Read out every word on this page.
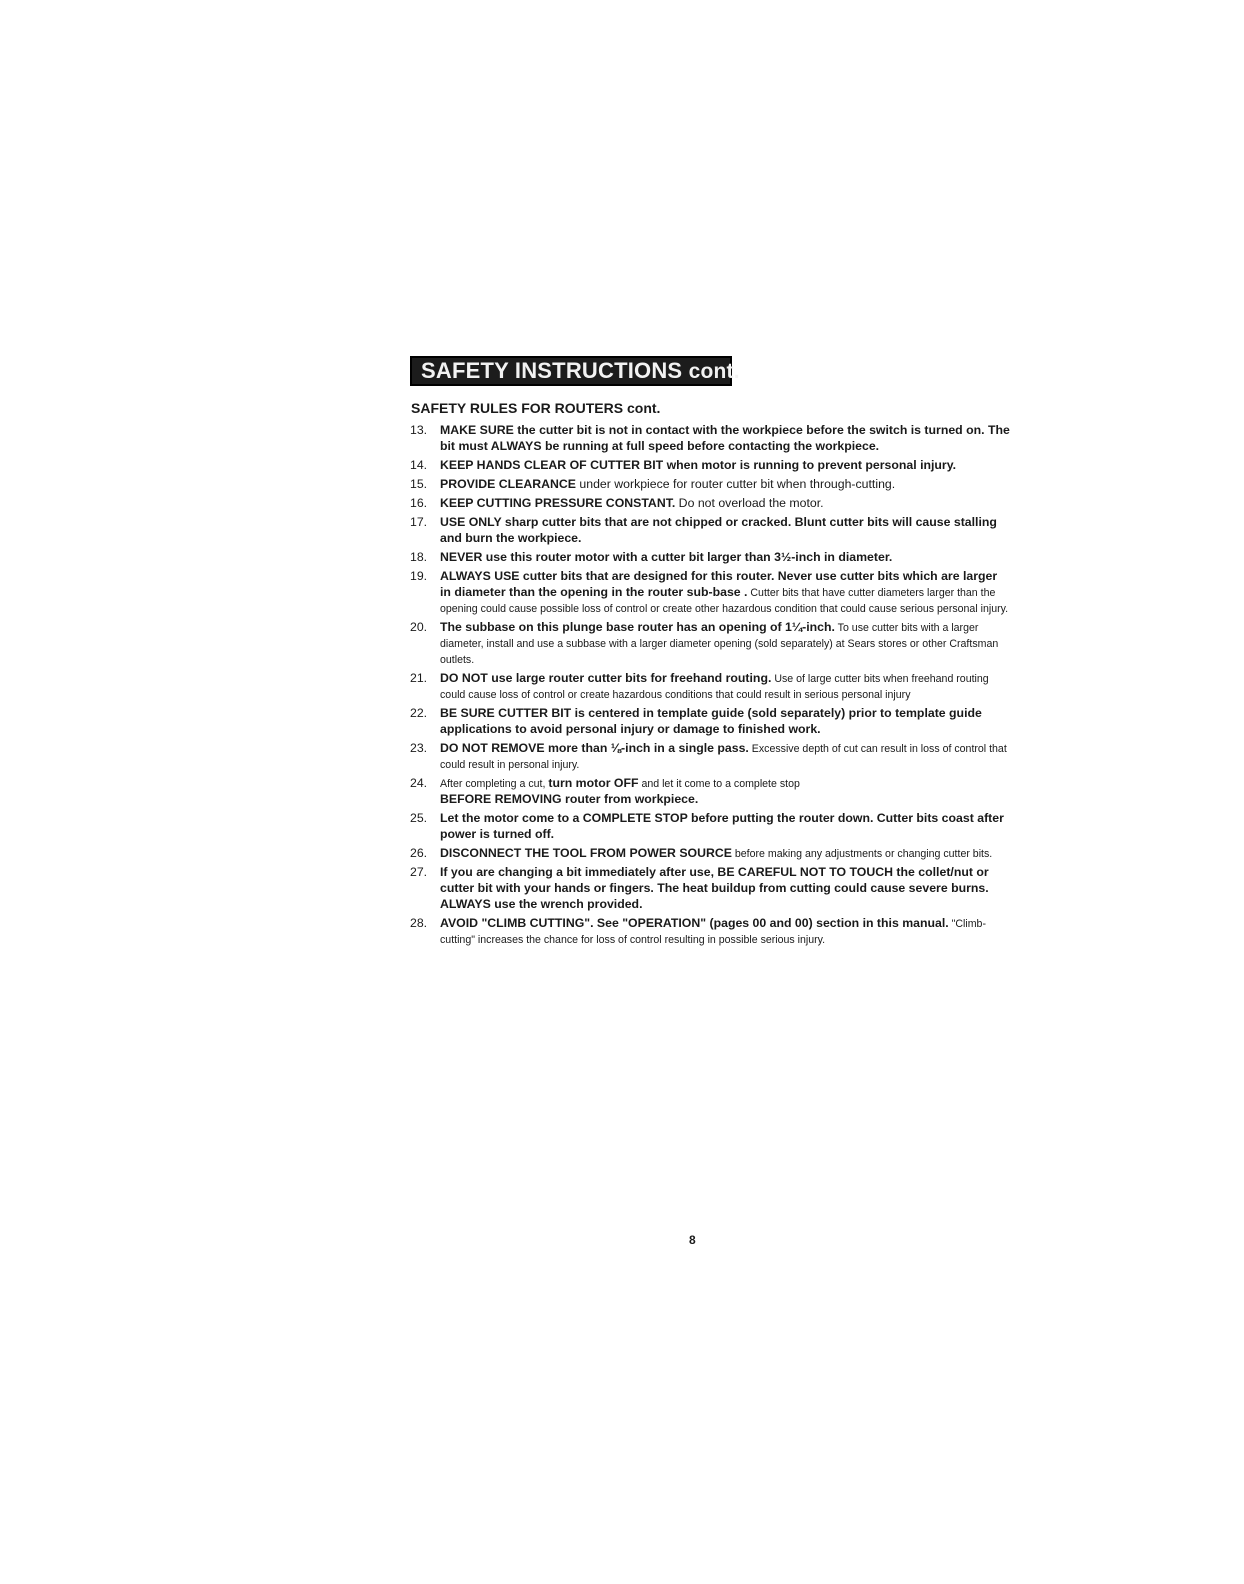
SAFETY INSTRUCTIONS cont.
SAFETY RULES FOR ROUTERS cont.
13.	MAKE SURE the cutter bit is not in contact with the workpiece before the switch is turned on. The bit must ALWAYS be running at full speed before contacting the workpiece.
14.	KEEP HANDS CLEAR OF CUTTER BIT when motor is running to prevent personal injury.
15.	PROVIDE CLEARANCE under workpiece for router cutter bit when through-cutting.
16.	KEEP CUTTING PRESSURE CONSTANT. Do not overload the motor.
17.	USE ONLY sharp cutter bits that are not chipped or cracked. Blunt cutter bits will cause stalling and burn the workpiece.
18.	NEVER use this router motor with a cutter bit larger than 3½-inch in diameter.
19.	ALWAYS USE cutter bits that are designed for this router. Never use cutter bits which are larger in diameter than the opening in the router sub-base . Cutter bits that have cutter diameters larger than the opening could cause possible loss of control or create other hazardous condition that could cause serious personal injury.
20.	The subbase on this plunge base router has an opening of 1¼-inch. To use cutter bits with a larger diameter, install and use a subbase with a larger diameter opening (sold separately) at Sears stores or other Craftsman outlets.
21.	DO NOT use large router cutter bits for freehand routing. Use of large cutter bits when freehand routing could cause loss of control or create hazardous conditions that could result in serious personal injury
22.	BE SURE CUTTER BIT is centered in template guide (sold separately) prior to template guide applications to avoid personal injury or damage to finished work.
23.	DO NOT REMOVE more than ⅛-inch in a single pass. Excessive depth of cut can result in loss of control that could result in personal injury.
24.	After completing a cut, turn motor OFF and let it come to a complete stop
BEFORE REMOVING router from workpiece.
25.	Let the motor come to a COMPLETE STOP before putting the router down. Cutter bits coast after power is turned off.
26.	DISCONNECT THE TOOL FROM POWER SOURCE before making any adjustments or changing cutter bits.
27.	If you are changing a bit immediately after use, BE CAREFUL NOT TO TOUCH the collet/nut or cutter bit with your hands or fingers. The heat buildup from cutting could cause severe burns. ALWAYS use the wrench provided.
28.	AVOID "CLIMB CUTTING". See "OPERATION" (pages 00 and 00) section in this manual. "Climb-cutting" increases the chance for loss of control resulting in possible serious injury.
8
